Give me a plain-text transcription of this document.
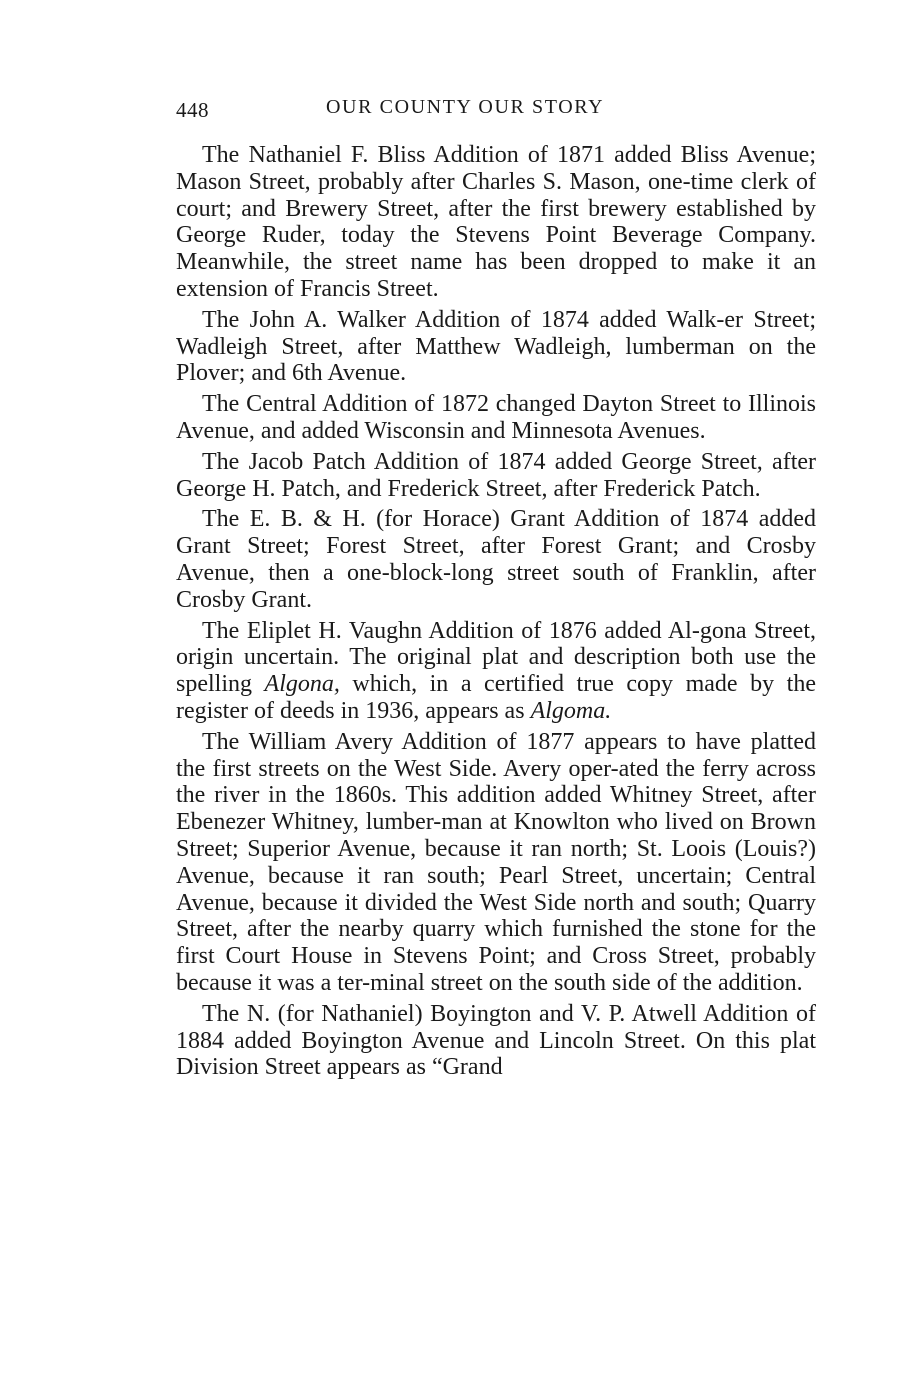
448	OUR COUNTY OUR STORY

The Nathaniel F. Bliss Addition of 1871 added Bliss Avenue; Mason Street, probably after Charles S. Mason, one-time clerk of court; and Brewery Street, after the first brewery established by George Ruder, today the Stevens Point Beverage Company. Meanwhile, the street name has been dropped to make it an extension of Francis Street.

The John A. Walker Addition of 1874 added Walk-er Street; Wadleigh Street, after Matthew Wadleigh, lumberman on the Plover; and 6th Avenue.

The Central Addition of 1872 changed Dayton Street to Illinois Avenue, and added Wisconsin and Minnesota Avenues.

The Jacob Patch Addition of 1874 added George Street, after George H. Patch, and Frederick Street, after Frederick Patch.

The E. B. & H. (for Horace) Grant Addition of 1874 added Grant Street; Forest Street, after Forest Grant; and Crosby Avenue, then a one-block-long street south of Franklin, after Crosby Grant.

The Eliplet H. Vaughn Addition of 1876 added Al-gona Street, origin uncertain. The original plat and description both use the spelling Algona, which, in a certified true copy made by the register of deeds in 1936, appears as Algoma.

The William Avery Addition of 1877 appears to have platted the first streets on the West Side. Avery oper-ated the ferry across the river in the 1860s. This addition added Whitney Street, after Ebenezer Whitney, lumber-man at Knowlton who lived on Brown Street; Superior Avenue, because it ran north; St. Loois (Louis?) Avenue, because it ran south; Pearl Street, uncertain; Central Avenue, because it divided the West Side north and south; Quarry Street, after the nearby quarry which furnished the stone for the first Court House in Stevens Point; and Cross Street, probably because it was a ter-minal street on the south side of the addition.

The N. (for Nathaniel) Boyington and V. P. Atwell Addition of 1884 added Boyington Avenue and Lincoln Street. On this plat Division Street appears as “Grand
